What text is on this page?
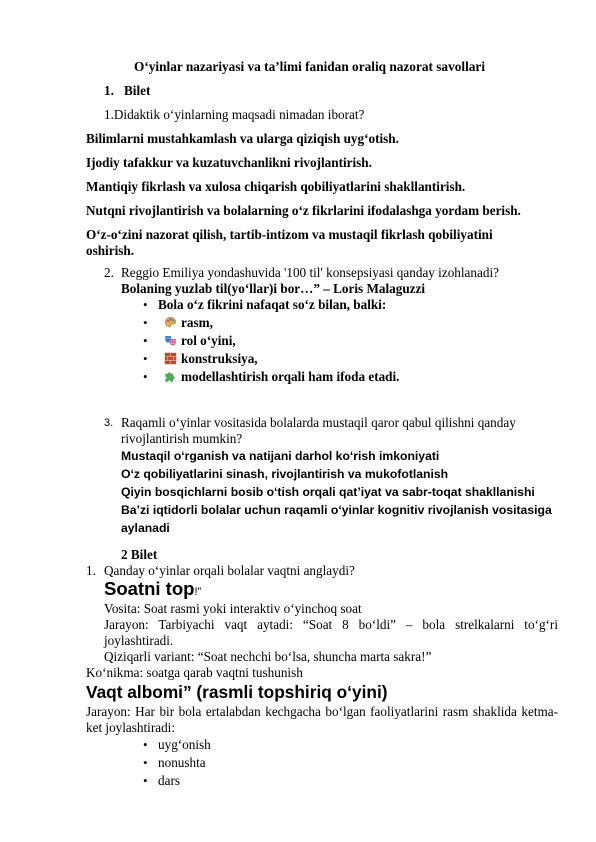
O‘yinlar nazariyasi va ta’limi fanidan oraliq nazorat savollari
1. Bilet
1.Didaktik o‘yinlarning maqsadi nimadan iborat?
Bilimlarni mustahkamlash va ularga qiziqish uyg‘otish.
Ijodiy tafakkur va kuzatuvchanlikni rivojlantirish.
Mantiqiy fikrlash va xulosa chiqarish qobiliyatlarini shakllantirish.
Nutqni rivojlantirish va bolalarning o‘z fikrlarini ifodalashga yordam berish.
O‘z-o‘zini nazorat qilish, tartib-intizom va mustaqil fikrlash qobiliyatini
oshirish.
2. Reggio Emiliya yondashuvida '100 til' konsepsiyasi qanday izohlanadi?
Bolaning yuzlab til(yo‘llar)i bor…” – Loris Malaguzzi
• Bola o‘z fikrini nafaqat so‘z bilan, balki:
•	rasm,
•	rol o‘yini,
•	konstruksiya,
•	modellashtirish orqali ham ifoda etadi.
3. Raqamli o‘yinlar vositasida bolalarda mustaqil qaror qabul qilishni qanday
rivojlantirish mumkin?
Mustaqil o‘rganish va natijani darhol ko‘rish imkoniyati
O‘z qobiliyatlarini sinash, rivojlantirish va mukofotlanish
Qiyin bosqichlarni bosib o‘tish orqali qat’iyat va sabr-toqat shakllanishi
Ba’zi iqtidorli bolalar uchun raqamli o‘yinlar kognitiv rivojlanish vositasiga
aylanadi
2 Bilet
1. Qanday o‘yinlar orqali bolalar vaqtni anglaydi?
Soatni top!”
Vosita: Soat rasmi yoki interaktiv o‘yinchoq soat
Jarayon: Tarbiyachi vaqt aytadi: “Soat 8 bo‘ldi” – bola strelkalarni to‘g‘ri joylashtiradi.
Qiziqarli variant: “Soat nechchi bo‘lsa, shuncha marta sakra!”
Ko‘nikma: soatga qarab vaqtni tushunish
Vaqt albomi” (rasmli topshiriq o‘yini)
Jarayon: Har bir bola ertalabdan kechgacha bo‘lgan faoliyatlarini rasm shaklida ketma-ket joylashtiradi:
• uyg‘onish
• nonushta
• dars
